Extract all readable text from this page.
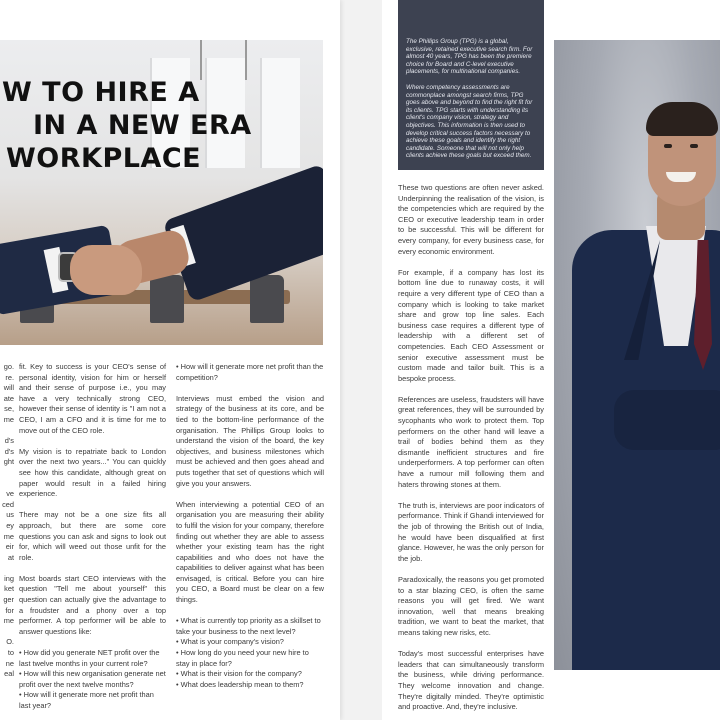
W TO HIRE A
IN A NEW ERA
WORKPLACE

go.

re.

will

ate

se,

me

d's

d's

ght

ve

ced

us

ey

me

eir

at

ing

ket

ger

for

me

O.

to

ne

eal

fit. Key to success is your CEO's sense of personal identity, vision for him or herself and their sense of purpose i.e., you may have a very technically strong CEO, however their sense of identity is "I am not a CEO, I am a CFO and it is time for me to move out of the CEO role.

My vision is to repatriate back to London over the next two years..." You can quickly see how this candidate, although great on paper would result in a failed hiring experience.

There may not be a one size fits all approach, but there are some core questions you can ask and signs to look out for, which will weed out those unfit for the role.

Most boards start CEO interviews with the question "Tell me about yourself" this question can actually give the advantage to a froudster and a phony over a top performer. A top performer will be able to answer questions like:

• How did you generate NET profit over the last twelve months in your current role?
• How will this new organisation generate net profit over the next twelve months?
• How will it generate more net profit than last year?

• How will it generate more net profit than the competition?

Interviews must embed the vision and strategy of the business at its core, and be tied to the bottom-line performance of the organisation. The Phillips Group looks to understand the vision of the board, the key objectives, and business milestones which must be achieved and then goes ahead and puts together that set of questions which will give you your answers.

When interviewing a potential CEO of an organisation you are measuring their ability to fulfil the vision for your company, therefore finding out whether they are able to assess whether your existing team has the right capabilities and who does not have the capabilities to deliver against what has been envisaged, is critical. Before you can hire you CEO, a Board must be clear on a few things.

• What is currently top priority as a skillset to take your business to the next level?
• What is your company's vision?
• How long do you need your new hire to stay in place for?
• What is their vision for the company?
• What does leadership mean to them?

The Phillips Group (TPG) is a global, exclusive, retained executive search firm. For almost 40 years, TPG has been the premiere choice for Board and C-level executive placements, for multinational companies.

Where competency assessments are commonplace amongst search firms, TPG goes above and beyond to find the right fit for its clients. TPG starts with understanding its client's company vision, strategy and objectives. This information is then used to develop critical success factors necessary to achieve these goals and identify the right candidate. Someone that will not only help clients achieve these goals but exceed them.

These two questions are often never asked. Underpinning the realisation of the vision, is the competencies which are required by the CEO or executive leadership team in order to be successful. This will be different for every company, for every business case, for every economic environment.

For example, if a company has lost its bottom line due to runaway costs, it will require a very different type of CEO than a company which is looking to take market share and grow top line sales. Each business case requires a different type of leadership with a different set of competencies. Each CEO Assessment or senior executive assessment must be custom made and tailor built. This is a bespoke process.

References are useless, fraudsters will have great references, they will be surrounded by sycophants who work to protect them. Top performers on the other hand will leave a trail of bodies behind them as they dismantle inefficient structures and fire underperformers. A top performer can often have a rumour mill following them and haters throwing stones at them.

The truth is, interviews are poor indicators of performance. Think if Ghandi interviewed for the job of throwing the British out of India, he would have been disqualified at first glance. However, he was the only person for the job.

Paradoxically, the reasons you get promoted to a star blazing CEO, is often the same reasons you will get fired. We want innovation, well that means breaking tradition, we want to beat the market, that means taking new risks, etc.

Today's most successful enterprises have leaders that can simultaneously transform the business, while driving performance. They welcome innovation and change. They're digitally minded. They're optimistic and proactive. And, they're inclusive.
